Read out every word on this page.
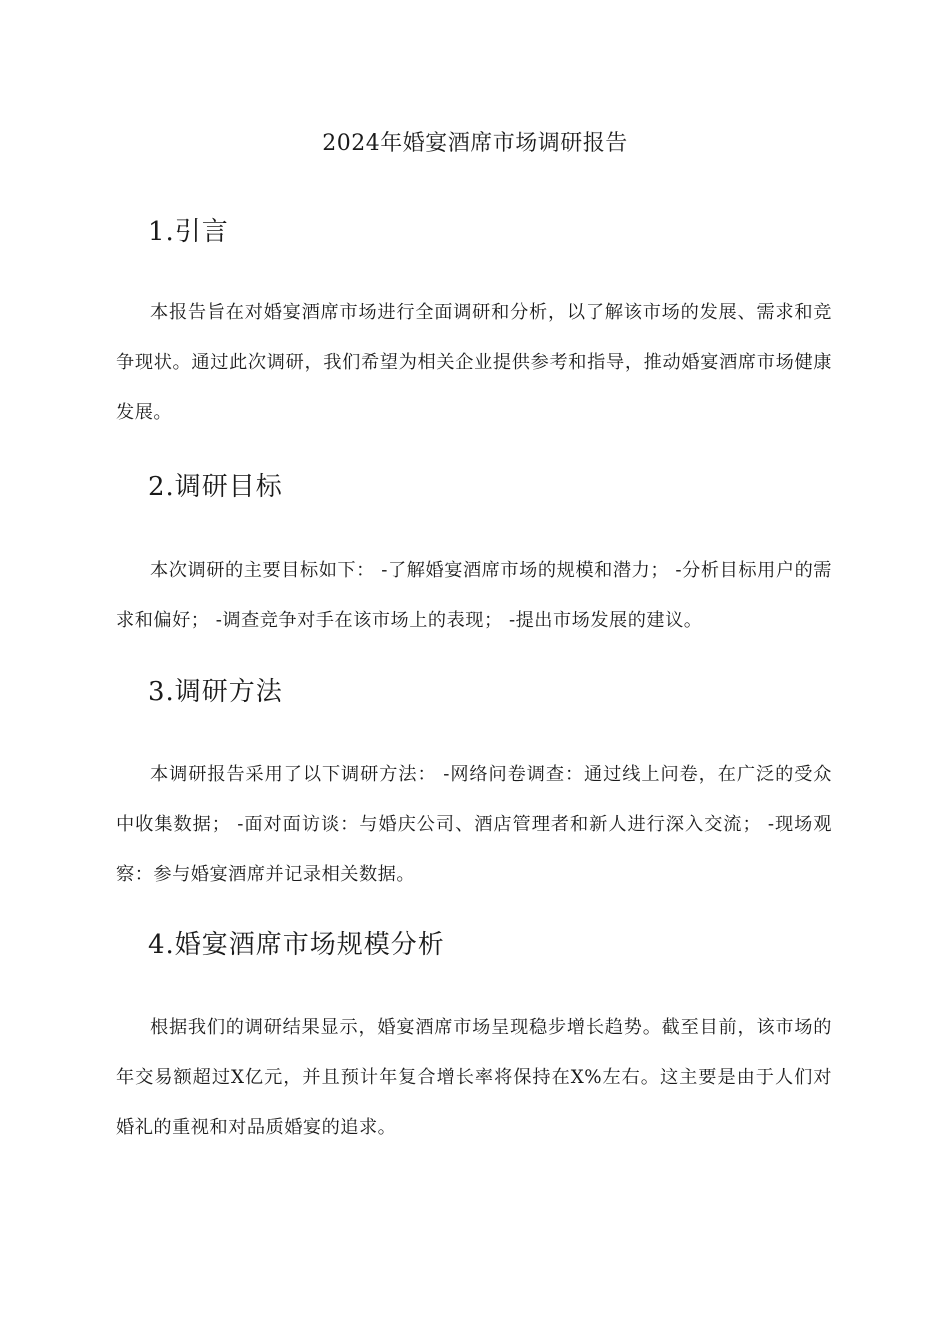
2024年婚宴酒席市场调研报告
1.引言

本报告旨在对婚宴酒席市场进行全面调研和分析，以了解该市场的发展、需求和竞争现状。通过此次调研，我们希望为相关企业提供参考和指导，推动婚宴酒席市场健康发展。

2.调研目标

本次调研的主要目标如下： -了解婚宴酒席市场的规模和潜力； -分析目标用户的需求和偏好； -调查竞争对手在该市场上的表现； -提出市场发展的建议。

3.调研方法

本调研报告采用了以下调研方法： -网络问卷调查：通过线上问卷，在广泛的受众中收集数据； -面对面访谈：与婚庆公司、酒店管理者和新人进行深入交流； -现场观察：参与婚宴酒席并记录相关数据。

4.婚宴酒席市场规模分析

根据我们的调研结果显示，婚宴酒席市场呈现稳步增长趋势。截至目前，该市场的年交易额超过X亿元，并且预计年复合增长率将保持在X%左右。这主要是由于人们对婚礼的重视和对品质婚宴的追求。
